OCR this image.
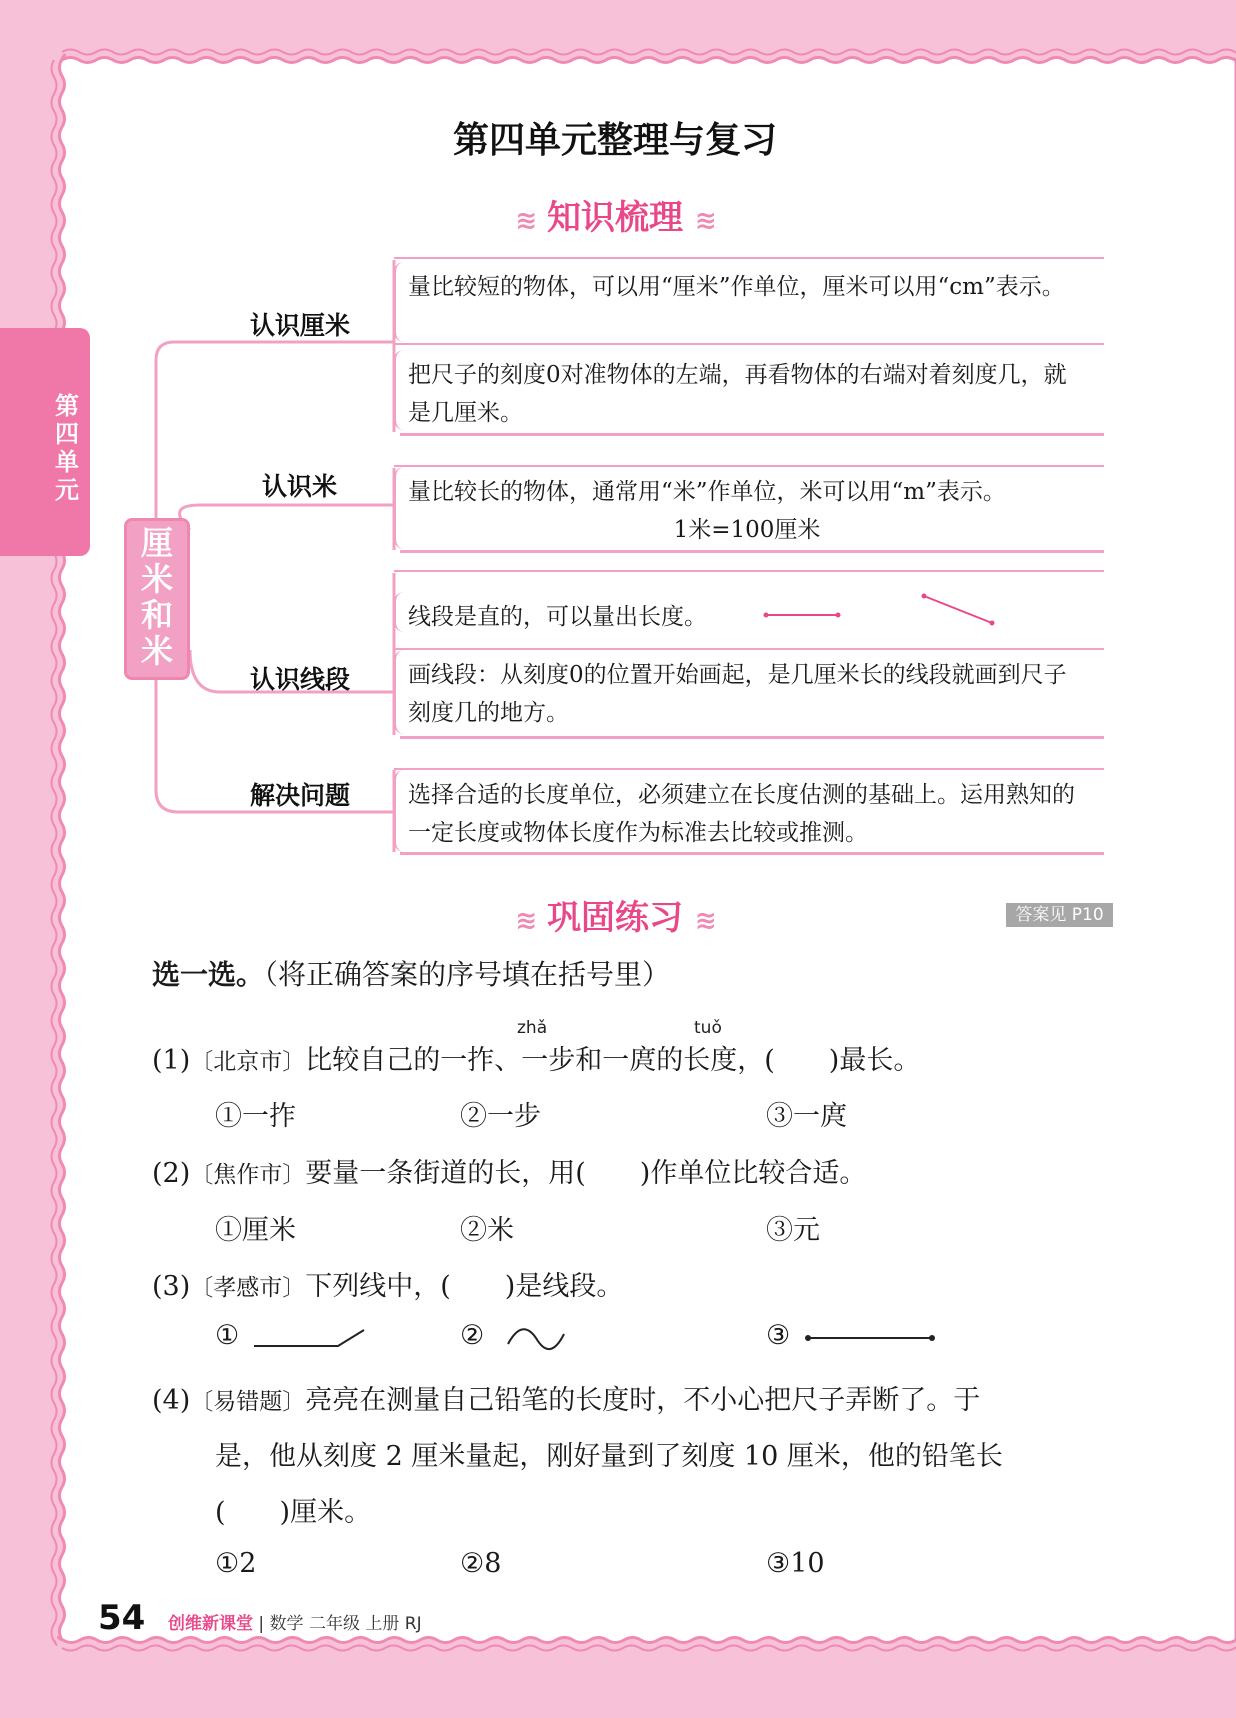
第四单元
第四单元整理与复习
≋ 知识梳理 ≋
厘米和米
认识厘米
认识米
认识线段
解决问题
量比较短的物体，可以用“厘米”作单位，厘米可以用“cm”表示。
把尺子的刻度0对准物体的左端，再看物体的右端对着刻度几，就是几厘米。
量比较长的物体，通常用“米”作单位，米可以用“m”表示。

1米=100厘米
线段是直的，可以量出长度。
画线段：从刻度0的位置开始画起，是几厘米长的线段就画到尺子刻度几的地方。
选择合适的长度单位，必须建立在长度估测的基础上。运用熟知的一定长度或物体长度作为标准去比较或推测。
≋ 巩固练习 ≋	答案见 P10
选一选。（将正确答案的序号填在括号里）
zhǎ	tuǒ
(1)〔北京市〕比较自己的一拃、一步和一庹的长度，(　　)最长。
①一拃	②一步	③一庹
(2)〔焦作市〕要量一条街道的长，用(　　)作单位比较合适。
①厘米	②米	③元
(3)〔孝感市〕下列线中，(　　)是线段。
①	②	③
(4)〔易错题〕亮亮在测量自己铅笔的长度时，不小心把尺子弄断了。于
是，他从刻度 2 厘米量起，刚好量到了刻度 10 厘米，他的铅笔长
(　　)厘米。
①2	②8	③10
54 创维新课堂 | 数学 二年级 上册 RJ
